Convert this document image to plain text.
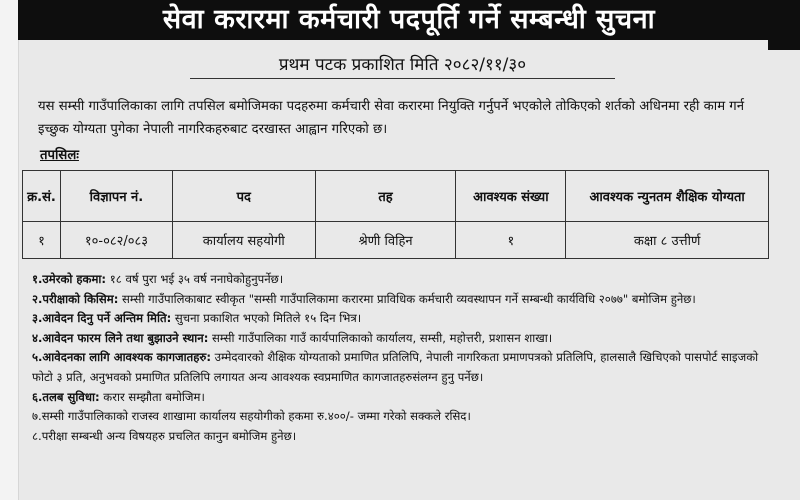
सेवा करारमा कर्मचारी पदपूर्ति गर्ने सम्बन्धी सुचना
प्रथम पटक प्रकाशित मिति २०८२/११/३०
यस सम्सी गाउँपालिकाका लागि तपसिल बमोजिमका पदहरुमा कर्मचारी सेवा करारमा नियुक्ति गर्नुपर्ने भएकोले तोकिएको शर्तको अधिनमा रही काम गर्न इच्छुक योग्यता पुगेका नेपाली नागरिकहरुबाट दरखास्त आह्वान गरिएको छ।
तपसिलः
क्र.सं.	विज्ञापन नं.	पद	तह	आवश्यक संख्या	आवश्यक न्युनतम शैक्षिक योग्यता
१	१०-०८२/०८३	कार्यालय सहयोगी	श्रेणी विहिन	१	कक्षा ८ उत्तीर्ण

१.उमेरको हकमा: १८ वर्ष पुरा भई ३५ वर्ष ननाघेकोहुनुपर्नेछ।

२.परीक्षाको किसिम: सम्सी गाउँपालिकाबाट स्वीकृत "सम्सी गाउँपालिकामा करारमा प्राविधिक कर्मचारी व्यवस्थापन गर्ने सम्बन्धी कार्यविधि २०७७" बमोजिम हुनेछ।

३.आवेदन दिनु पर्ने अन्तिम मिति: सुचना प्रकाशित भएको मितिले १५ दिन भित्र।

४.आवेदन फारम लिने तथा बुझाउने स्थान: सम्सी गाउँपालिका गाउँ कार्यपालिकाको कार्यालय, सम्सी, महोत्तरी, प्रशासन शाखा।

५.आवेदनका लागि आवश्यक कागजातहरु: उम्मेदवारको शैक्षिक योग्यताको प्रमाणित प्रतिलिपि, नेपाली नागरिकता प्रमाणपत्रको प्रतिलिपि, हालसालै खिचिएको पासपोर्ट साइजको फोटो ३ प्रति, अनुभवको प्रमाणित प्रतिलिपि लगायत अन्य आवश्यक स्वप्रमाणित कागजातहरुसंलग्न हुनु पर्नेछ।

६.तलब सुविधा: करार सम्झौता बमोजिम।

७.सम्सी गाउँपालिकाको राजस्व शाखामा कार्यालय सहयोगीको हकमा रु.४००/- जम्मा गरेको सक्कले रसिद।

८.परीक्षा सम्बन्धी अन्य विषयहरु प्रचलित कानुन बमोजिम हुनेछ।
